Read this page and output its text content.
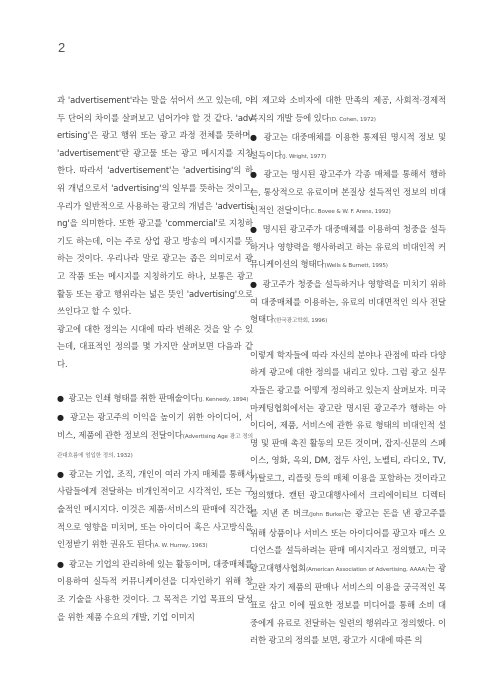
2

과 'advertisement'라는 말을 섞어서 쓰고 있는데, 이 두 단어의 차이를 살펴보고 넘어가야 할 것 같다. 'advertising'은 광고 행위 또는 광고 과정 전체를 뜻하며, 'advertisement'란 광고물 또는 광고 메시지를 지칭한다. 따라서 'advertisement'는 'advertising'의 하위 개념으로서 'advertising'의 일부를 뜻하는 것이고, 우리가 일반적으로 사용하는 광고의 개념은 'advertising'을 의미한다. 또한 광고를 'commercial'로 지칭하기도 하는데, 이는 주로 상업 광고 방송의 메시지를 뜻하는 것이다. 우리나라 말로 광고는 좁은 의미로서 광고 작품 또는 메시지를 지칭하기도 하나, 보통은 광고 활동 또는 광고 행위라는 넓은 뜻인 'advertising'으로 쓰인다고 할 수 있다.

광고에 대한 정의는 시대에 따라 변해온 것을 알 수 있는데, 대표적인 정의를 몇 가지만 살펴보면 다음과 같다.

● 광고는 인쇄 형태를 취한 판매술이다(J. Kennedy, 1894)

● 광고는 광고주의 이익을 높이기 위한 아이디어, 서비스, 제품에 관한 정보의 전달이다(Advertising Age 광고 정의 관대흐름에 엄입한 정의, 1932)

● 광고는 기업, 조직, 개인이 여러 가지 매체를 통해서 사람들에게 전달하는 비개인적이고 시각적인, 또는 구술적인 메시지다. 이것은 제품·서비스의 판매에 직간접적으로 영향을 미치며, 또는 아이디어 혹은 사고방식을 인정받기 위한 권유도 된다(A. W. Hurray, 1963)

● 광고는 기업의 관리하에 있는 활동이며, 대중매체를 이용하여 실득적 커뮤니케이션을 디자인하기 위해 창조 기술을 사용한 것이다. 그 목적은 기업 목표의 달성을 위한 제품 수요의 개발, 기업 이미지

의 제고와 소비자에 대한 만족의 제공, 사회적·경제적 복지의 개발 등에 있다(D. Cohen, 1972)

● 광고는 대중매체를 이용한 통제된 명시적 정보 및 설득이다(J. Wright, 1977)

● 광고는 명시된 광고주가 각종 매체를 통해서 행하는, 통상적으로 유료이며 본질상 설득적인 정보의 비대인적인 전달이다(C. Bovee & W. F. Arens, 1992)

● 명시된 광고주가 대중매체를 이용하여 청중을 설득하거나 영향력을 행사하려고 하는 유료의 비대인적 커뮤니케이션의 형태다(Wells & Burnett, 1995)

● 광고주가 청중을 설득하거나 영향력을 미치기 위하여 대중매체를 이용하는, 유료의 비대면적인 의사 전달 형태다(한국광고학회, 1996)

이렇게 학자들에 따라 자신의 분야나 관점에 따라 다양하게 광고에 대한 정의를 내리고 있다. 그럼 광고 실무자들은 광고를 어떻게 정의하고 있는지 살펴보자. 미국마케팅협회에서는 광고란 명시된 광고주가 행하는 아이디어, 제품, 서비스에 관한 유료 형태의 비대인적 설명 및 판매 촉진 활동의 모든 것이며, 잡지·신문의 스페이스, 영화, 옥외, DM, 접두 사인, 노벨티, 라디오, TV, 카탈로그, 리플릿 등의 매체 이용을 포함하는 것이라고 정의했다. 캔턴 광고대행사에서 크리에이티브 디렉터를 지낸 존 버크(John Burke)는 광고는 돈을 낸 광고주를 위해 상품이나 서비스 또는 아이디어를 광고자 매스 오디언스를 설득하려는 판매 메시지라고 정의했고, 미국광고대행사협회(American Association of Advertising, AAAA)는 광고란 자기 제품의 판매나 서비스의 이용을 궁극적인 목표로 삼고 이에 필요한 정보를 미디어를 통해 소비 대중에게 유료로 전달하는 일련의 행위라고 정의했다. 이러한 광고의 정의를 보면, 광고가 시대에 따른 의
